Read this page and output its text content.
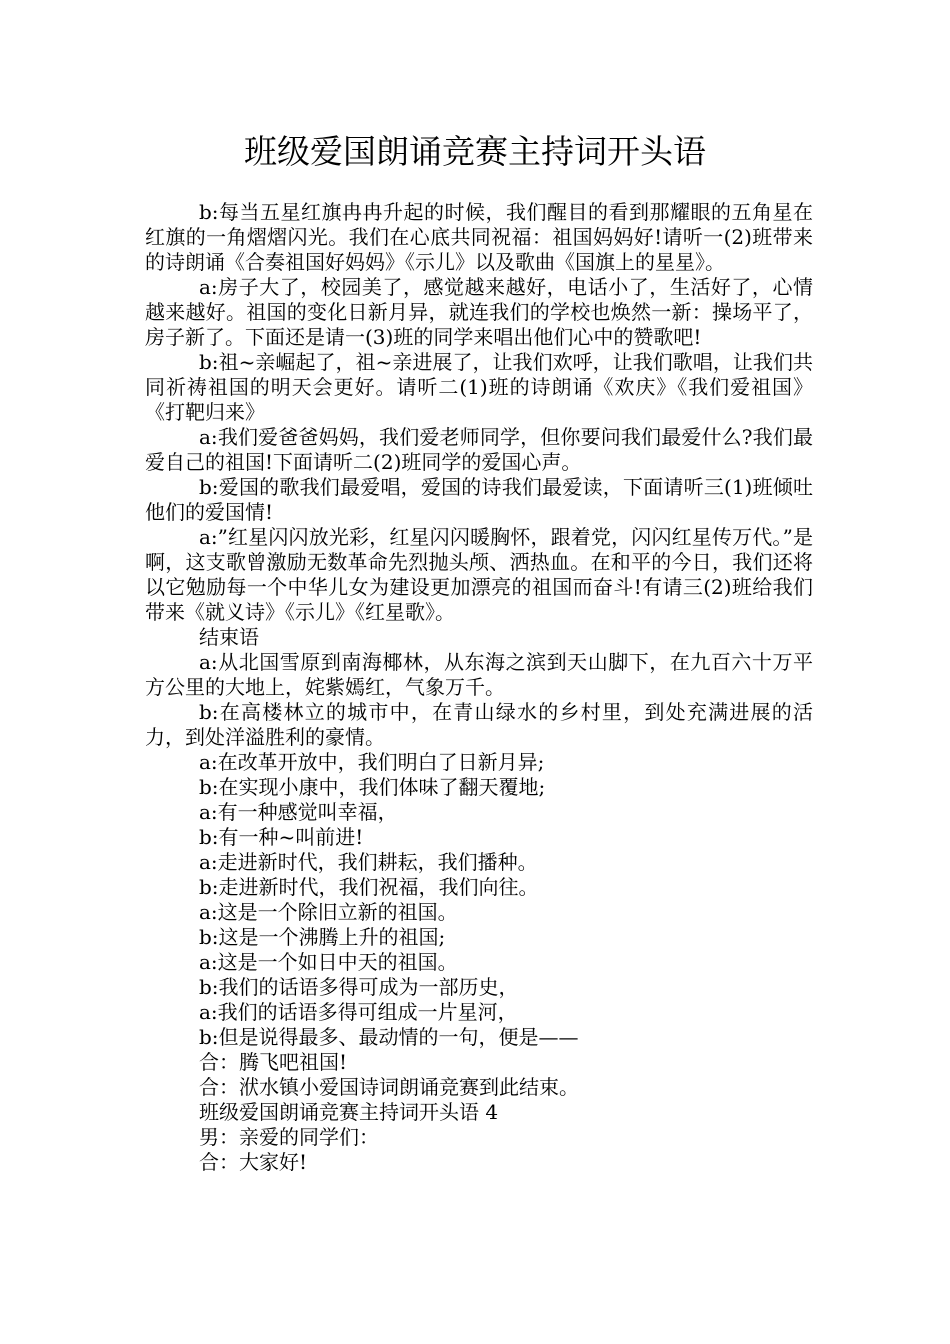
班级爱国朗诵竞赛主持词开头语

b:每当五星红旗冉冉升起的时候，我们醒目的看到那耀眼的五角星在红旗的一角熠熠闪光。我们在心底共同祝福：祖国妈妈好!请听一(2)班带来的诗朗诵《合奏祖国好妈妈》《示儿》以及歌曲《国旗上的星星》。

a:房子大了，校园美了，感觉越来越好，电话小了，生活好了，心情越来越好。祖国的变化日新月异，就连我们的学校也焕然一新：操场平了，房子新了。下面还是请一(3)班的同学来唱出他们心中的赞歌吧!

b:祖~亲崛起了，祖~亲进展了，让我们欢呼，让我们歌唱，让我们共同祈祷祖国的明天会更好。请听二(1)班的诗朗诵《欢庆》《我们爱祖国》《打靶归来》

a:我们爱爸爸妈妈，我们爱老师同学，但你要问我们最爱什么?我们最爱自己的祖国!下面请听二(2)班同学的爱国心声。

b:爱国的歌我们最爱唱，爱国的诗我们最爱读，下面请听三(1)班倾吐他们的爱国情!

a:”红星闪闪放光彩，红星闪闪暖胸怀，跟着党，闪闪红星传万代。”是啊，这支歌曾激励无数革命先烈抛头颅、洒热血。在和平的今日，我们还将以它勉励每一个中华儿女为建设更加漂亮的祖国而奋斗!有请三(2)班给我们带来《就义诗》《示儿》《红星歌》。

结束语

a:从北国雪原到南海椰林，从东海之滨到天山脚下，在九百六十万平方公里的大地上，姹紫嫣红，气象万千。

b:在高楼林立的城市中，在青山绿水的乡村里，到处充满进展的活力，到处洋溢胜利的豪情。

a:在改革开放中，我们明白了日新月异;

b:在实现小康中，我们体味了翻天覆地;

a:有一种感觉叫幸福，

b:有一种~叫前进!

a:走进新时代，我们耕耘，我们播种。

b:走进新时代，我们祝福，我们向往。

a:这是一个除旧立新的祖国。

b:这是一个沸腾上升的祖国;

a:这是一个如日中天的祖国。

b:我们的话语多得可成为一部历史，

a:我们的话语多得可组成一片星河，

b:但是说得最多、最动情的一句，便是——

合：腾飞吧祖国!

合：洑水镇小爱国诗词朗诵竞赛到此结束。

班级爱国朗诵竞赛主持词开头语 4

男：亲爱的同学们：

合：大家好!
